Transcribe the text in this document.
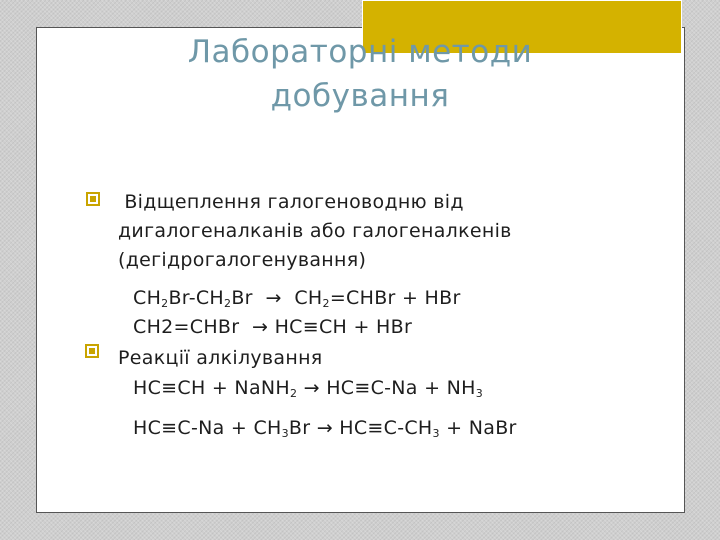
Лабораторні методи
добування
Відщеплення галогеноводню від
дигалогеналканів або галогеналкенів
(дегідрогалогенування)
$CH_2Br-CH_2Br$  →  $CH_2=CHBr$ + HBr
CH2=CHBr  → HC≡CH + HBr
Реакції алкілування
HC≡CH + NaNH$_2$ → $HC\equiv C-Na + NH_3$
$HC\equiv C-Na + CH_3Br \to HC\equiv C-CH_3$ + NaBr
